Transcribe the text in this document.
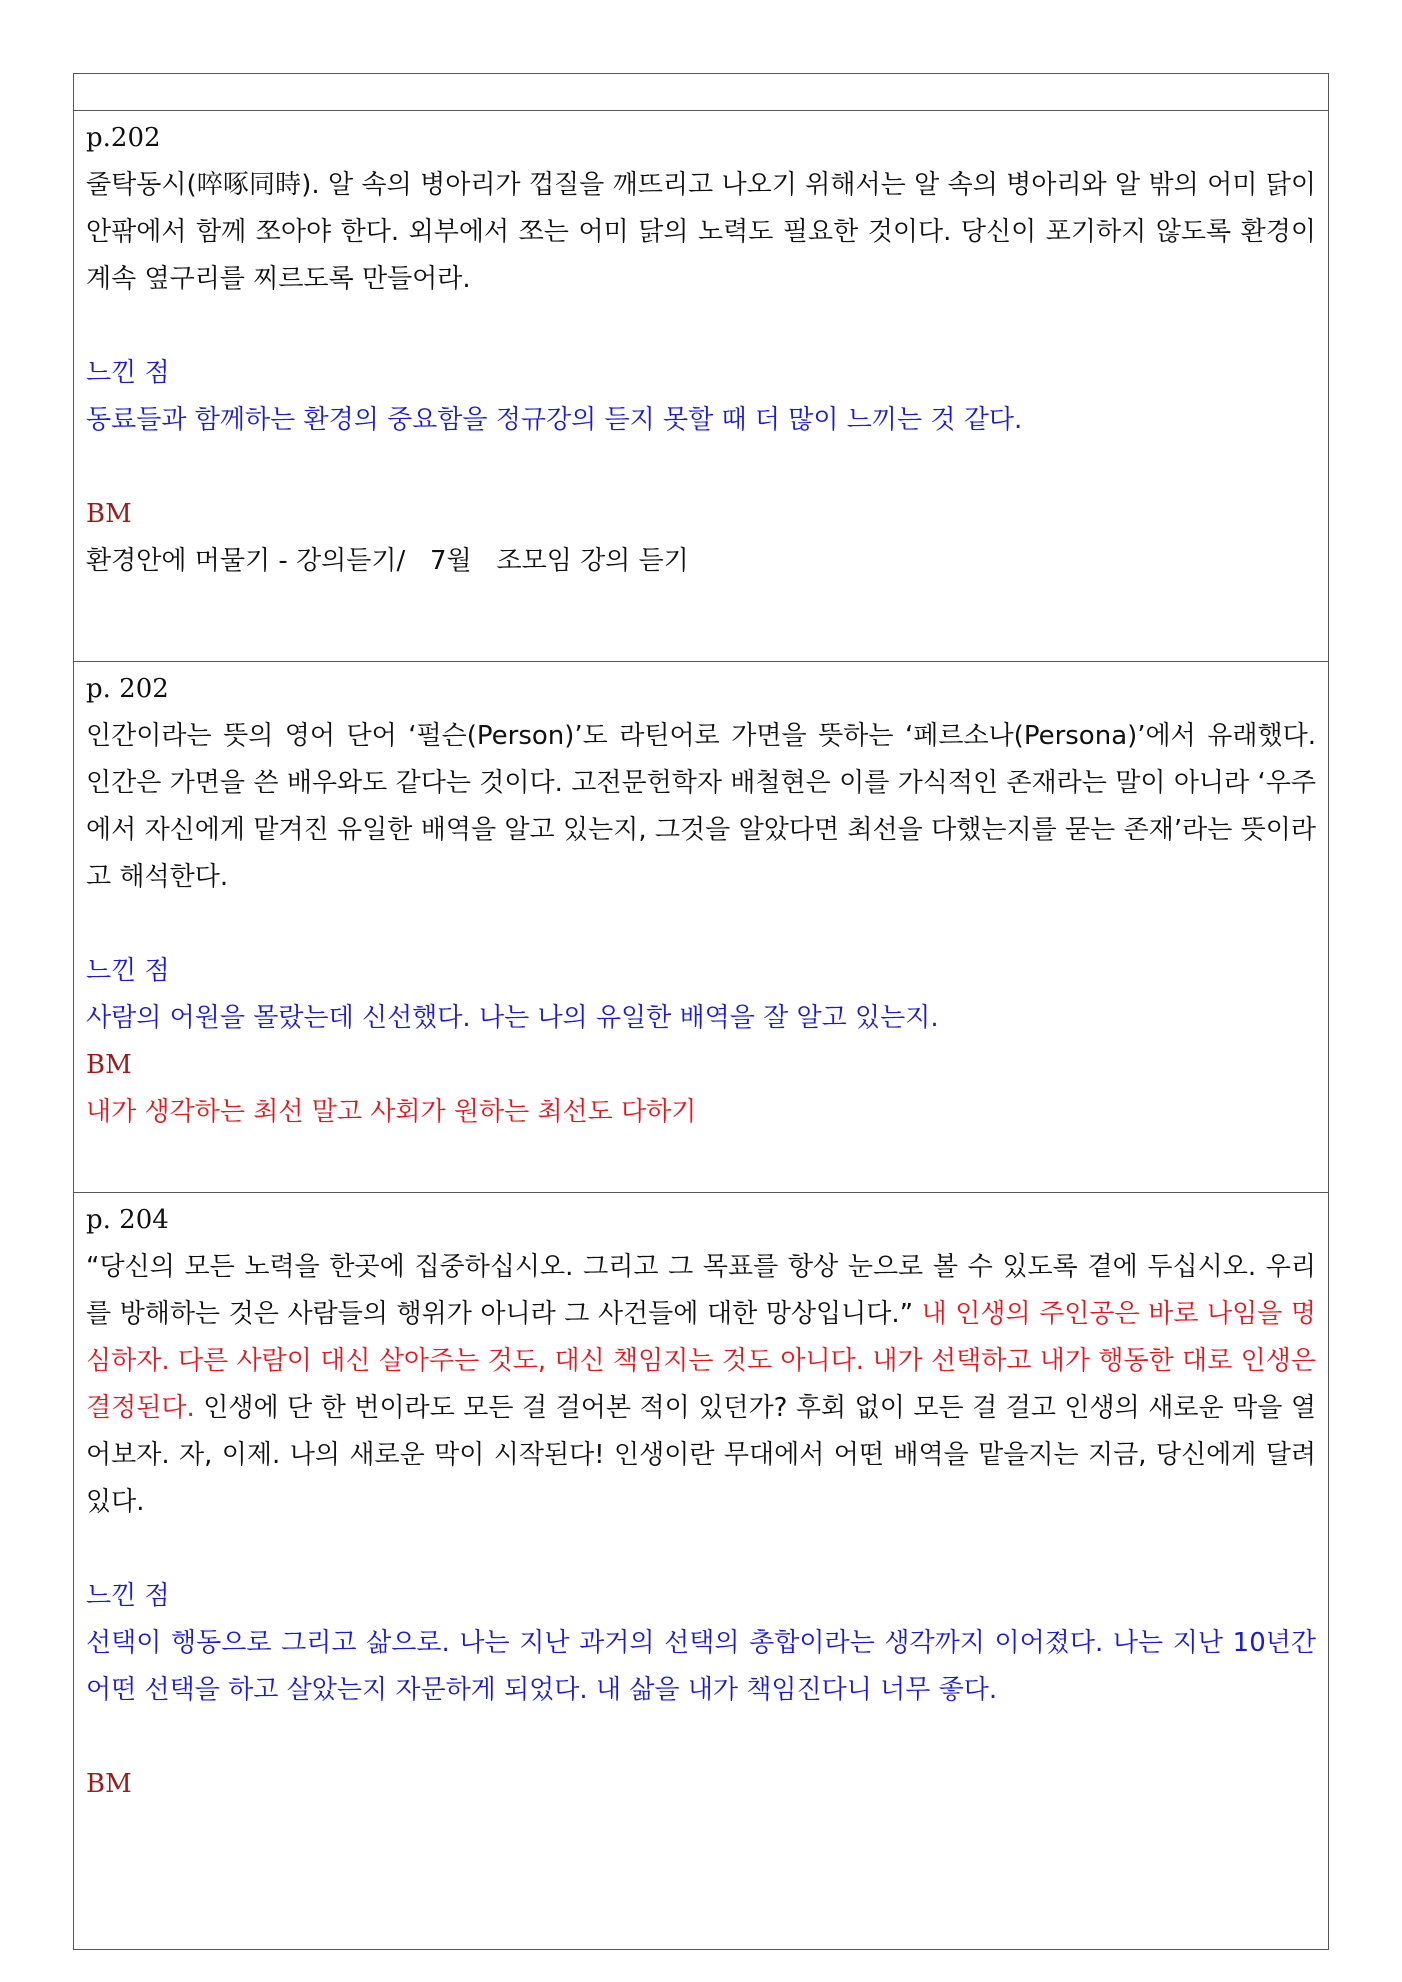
p.202

줄탁동시(啐啄同時). 알 속의 병아리가 껍질을 깨뜨리고 나오기 위해서는 알 속의 병아리와 알 밖의 어미 닭이 안팎에서 함께 쪼아야 한다. 외부에서 쪼는 어미 닭의 노력도 필요한 것이다. 당신이 포기하지 않도록 환경이 계속 옆구리를 찌르도록 만들어라.

느낀 점

동료들과 함께하는 환경의 중요함을 정규강의 듣지 못할 때 더 많이 느끼는 것 같다.

BM

환경안에 머물기 - 강의듣기/   7월   조모임 강의 듣기

p. 202

인간이라는 뜻의 영어 단어 ‘펄슨(Person)’도 라틴어로 가면을 뜻하는 ‘페르소나(Persona)’에서 유래했다. 인간은 가면을 쓴 배우와도 같다는 것이다. 고전문헌학자 배철현은 이를 가식적인 존재라는 말이 아니라 ‘우주에서 자신에게 맡겨진 유일한 배역을 알고 있는지, 그것을 알았다면 최선을 다했는지를 묻는 존재’라는 뜻이라고 해석한다.

느낀 점

사람의 어원을 몰랐는데 신선했다. 나는 나의 유일한 배역을 잘 알고 있는지.

BM

내가 생각하는 최선 말고 사회가 원하는 최선도 다하기

p. 204

“당신의 모든 노력을 한곳에 집중하십시오. 그리고 그 목표를 항상 눈으로 볼 수 있도록 곁에 두십시오. 우리를 방해하는 것은 사람들의 행위가 아니라 그 사건들에 대한 망상입니다.” 내 인생의 주인공은 바로 나임을 명심하자. 다른 사람이 대신 살아주는 것도, 대신 책임지는 것도 아니다. 내가 선택하고 내가 행동한 대로 인생은 결정된다. 인생에 단 한 번이라도 모든 걸 걸어본 적이 있던가? 후회 없이 모든 걸 걸고 인생의 새로운 막을 열어보자. 자, 이제. 나의 새로운 막이 시작된다! 인생이란 무대에서 어떤 배역을 맡을지는 지금, 당신에게 달려 있다.

느낀 점

선택이 행동으로 그리고 삶으로. 나는 지난 과거의 선택의 총합이라는 생각까지 이어졌다. 나는 지난 10년간 어떤 선택을 하고 살았는지 자문하게 되었다. 내 삶을 내가 책임진다니 너무 좋다.

BM
